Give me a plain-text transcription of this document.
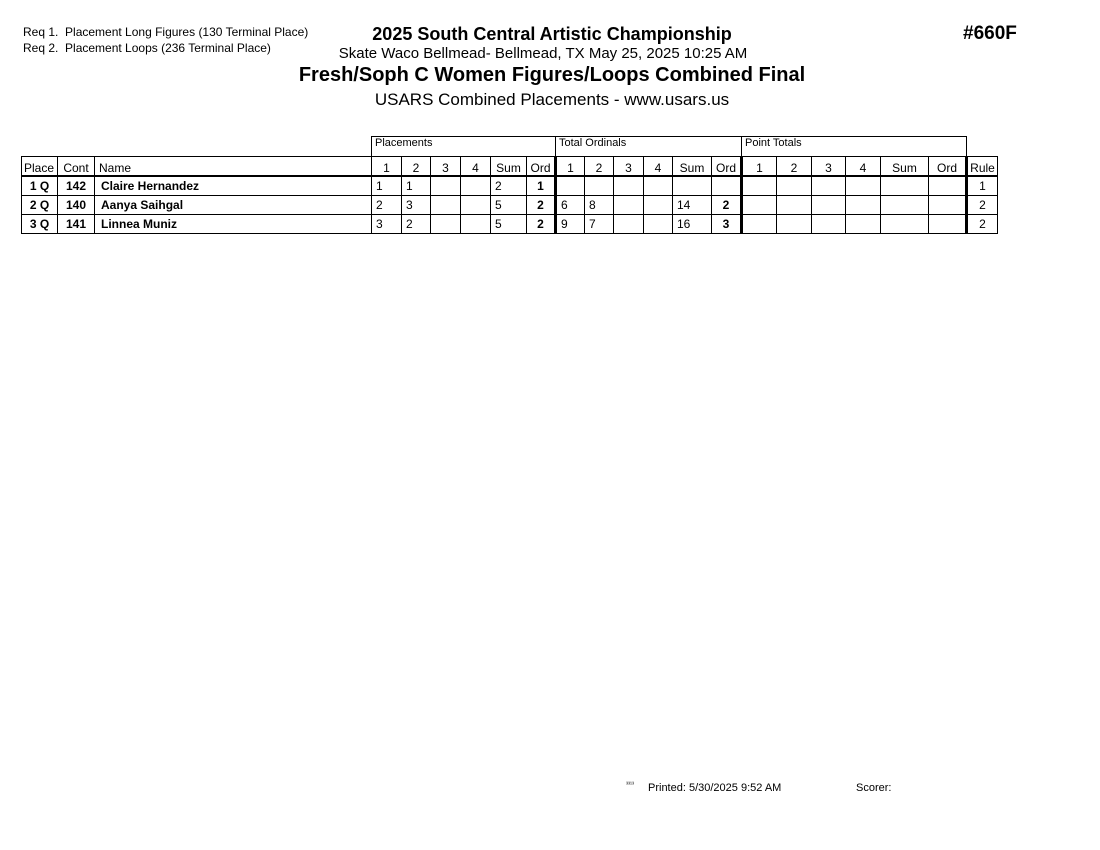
Req 1. Placement Long Figures (130 Terminal Place)
Req 2. Placement Loops (236 Terminal Place)
2025 South Central Artistic Championship
Skate Waco Bellmead- Bellmead, TX May 25, 2025 10:25 AM
Fresh/Soph C Women Figures/Loops Combined Final
USARS Combined Placements - www.usars.us
#660F
			Placements						Total Ordinals						Point Totals						
Place	Cont	Name	1	2	3	4	Sum	Ord	1	2	3	4	Sum	Ord	1	2	3	4	Sum	Ord	Rule
1 Q	142	Claire Hernandez	1	1			2	1													1
2 Q	140	Aanya Saihgal	2	3			5	2	6	8			14	2							2
3 Q	141	Linnea Muniz	3	2			5	2	9	7			16	3							2
³³¹³ Printed: 5/30/2025 9:52 AM	Scorer:
